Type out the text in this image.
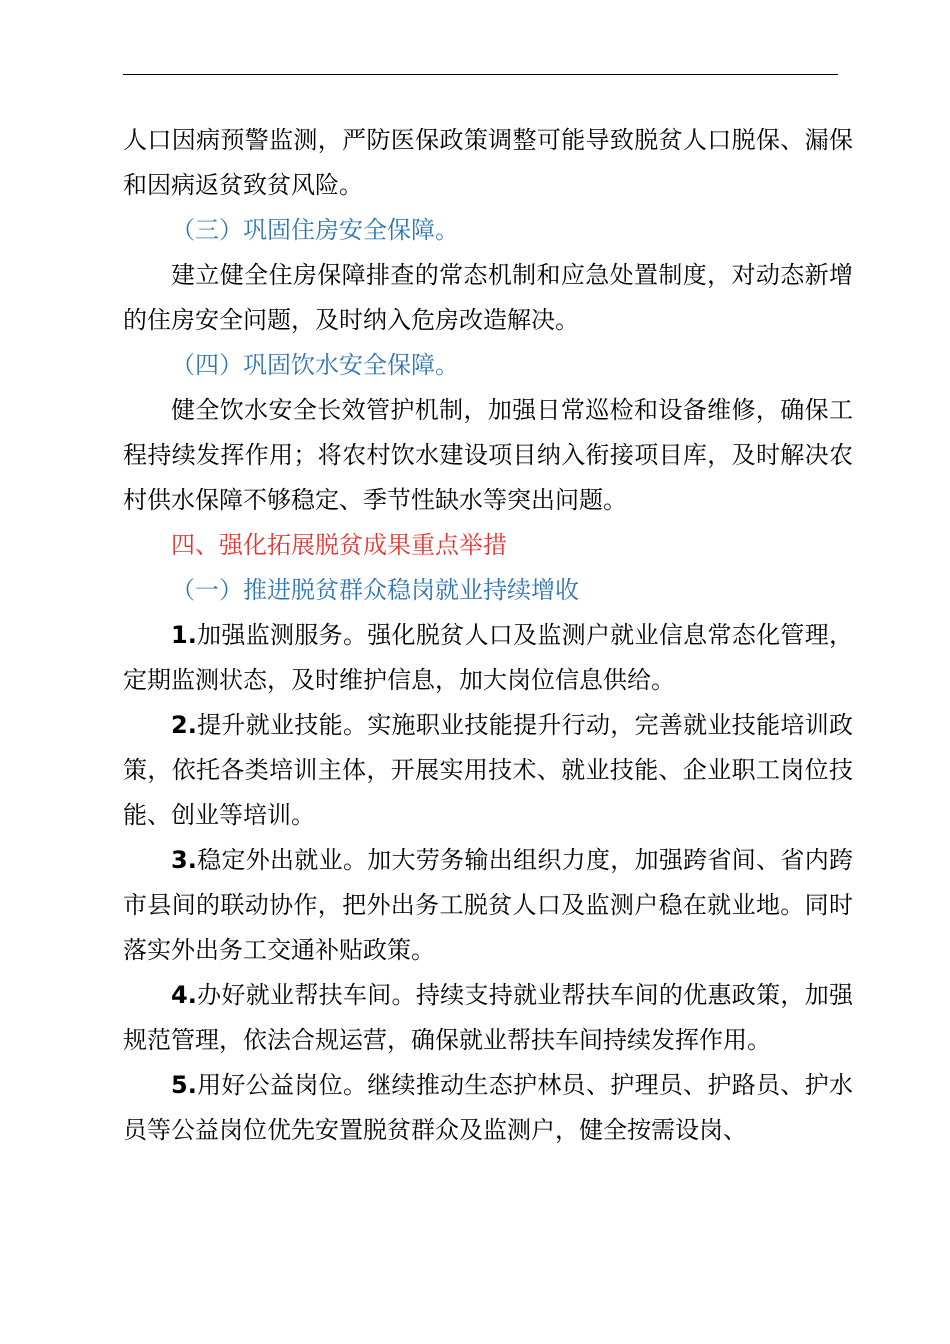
人口因病预警监测，严防医保政策调整可能导致脱贫人口脱保、漏保和因病返贫致贫风险。

（三）巩固住房安全保障。

建立健全住房保障排查的常态机制和应急处置制度，对动态新增的住房安全问题，及时纳入危房改造解决。

（四）巩固饮水安全保障。

健全饮水安全长效管护机制，加强日常巡检和设备维修，确保工程持续发挥作用；将农村饮水建设项目纳入衔接项目库，及时解决农村供水保障不够稳定、季节性缺水等突出问题。

四、强化拓展脱贫成果重点举措

（一）推进脱贫群众稳岗就业持续增收

1.加强监测服务。强化脱贫人口及监测户就业信息常态化管理，定期监测状态，及时维护信息，加大岗位信息供给。

2.提升就业技能。实施职业技能提升行动，完善就业技能培训政策，依托各类培训主体，开展实用技术、就业技能、企业职工岗位技能、创业等培训。

3.稳定外出就业。加大劳务输出组织力度，加强跨省间、省内跨市县间的联动协作，把外出务工脱贫人口及监测户稳在就业地。同时落实外出务工交通补贴政策。

4.办好就业帮扶车间。持续支持就业帮扶车间的优惠政策，加强规范管理，依法合规运营，确保就业帮扶车间持续发挥作用。

5.用好公益岗位。继续推动生态护林员、护理员、护路员、护水员等公益岗位优先安置脱贫群众及监测户，健全按需设岗、
